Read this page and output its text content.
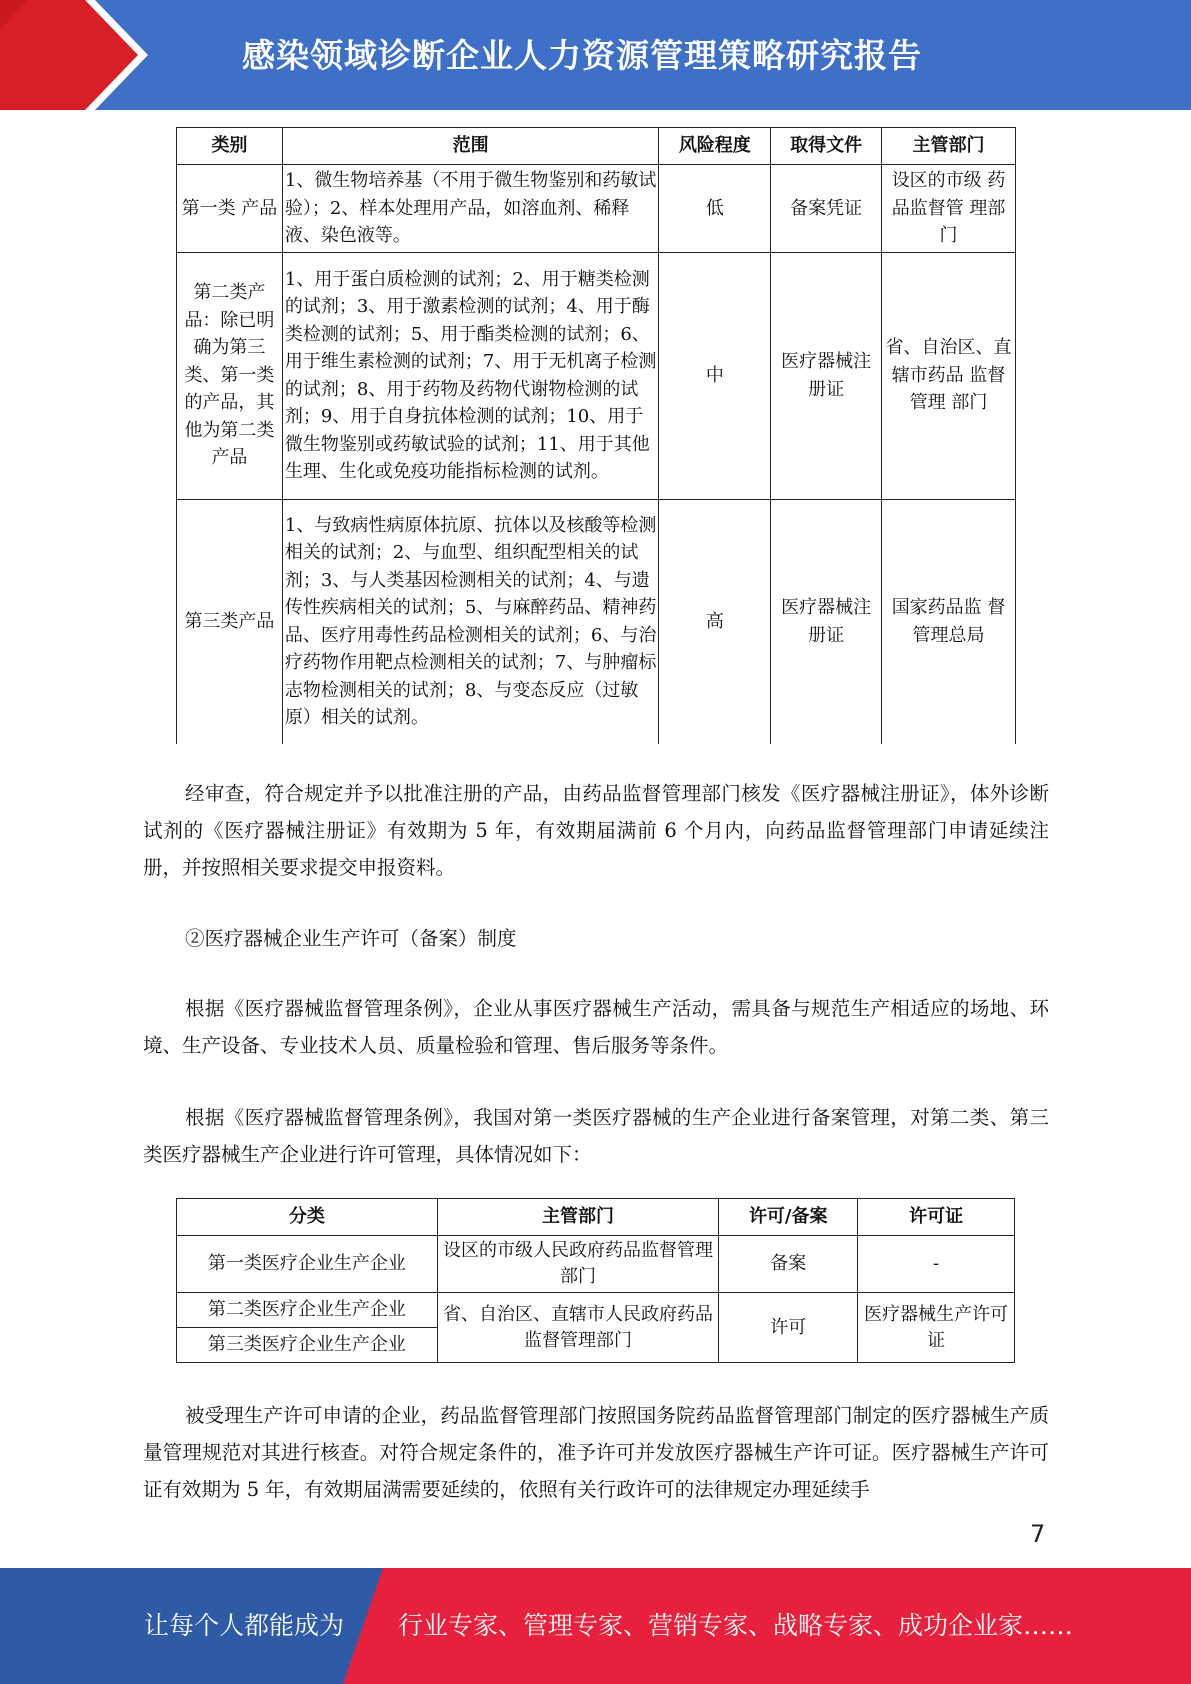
感染领域诊断企业人力资源管理策略研究报告
类别	范围	风险程度	取得文件	主管部门
第一类 产品	1、微生物培养基（不用于微生物鉴别和药敏试验）；2、样本处理用产品，如溶血剂、稀释液、染色液等。	低	备案凭证	设区的市级 药品监督管 理部门
第二类产品：除已明确为第三类、第一类的产品，其他为第二类产品	1、用于蛋白质检测的试剂；2、用于糖类检测的试剂；3、用于激素检测的试剂；4、用于酶类检测的试剂；5、用于酯类检测的试剂；6、用于维生素检测的试剂；7、用于无机离子检测的试剂；8、用于药物及药物代谢物检测的试剂；9、用于自身抗体检测的试剂；10、用于微生物鉴别或药敏试验的试剂；11、用于其他生理、生化或免疫功能指标检测的试剂。	中	医疗器械注册证	省、自治区、直辖市药品 监督管理 部门
第三类产品	1、与致病性病原体抗原、抗体以及核酸等检测相关的试剂；2、与血型、组织配型相关的试剂；3、与人类基因检测相关的试剂；4、与遗传性疾病相关的试剂；5、与麻醉药品、精神药品、医疗用毒性药品检测相关的试剂；6、与治疗药物作用靶点检测相关的试剂；7、与肿瘤标志物检测相关的试剂；8、与变态反应（过敏原）相关的试剂。	高	医疗器械注册证	国家药品监 督管理总局

经审查，符合规定并予以批准注册的产品，由药品监督管理部门核发《医疗器械注册证》，体外诊断试剂的《医疗器械注册证》有效期为 5 年，有效期届满前 6 个月内，向药品监督管理部门申请延续注册，并按照相关要求提交申报资料。

②医疗器械企业生产许可（备案）制度

根据《医疗器械监督管理条例》，企业从事医疗器械生产活动，需具备与规范生产相适应的场地、环境、生产设备、专业技术人员、质量检验和管理、售后服务等条件。

根据《医疗器械监督管理条例》，我国对第一类医疗器械的生产企业进行备案管理，对第二类、第三类医疗器械生产企业进行许可管理，具体情况如下：

分类	主管部门	许可/备案	许可证
第一类医疗企业生产企业	设区的市级人民政府药品监督管理部门	备案	-
第二类医疗企业生产企业	省、自治区、直辖市人民政府药品监督管理部门	许可	医疗器械生产许可证
第三类医疗企业生产企业			

被受理生产许可申请的企业，药品监督管理部门按照国务院药品监督管理部门制定的医疗器械生产质量管理规范对其进行核查。对符合规定条件的，准予许可并发放医疗器械生产许可证。医疗器械生产许可证有效期为 5 年，有效期届满需要延续的，依照有关行政许可的法律规定办理延续手

7
让每个人都能成为 行业专家、管理专家、营销专家、战略专家、成功企业家……
